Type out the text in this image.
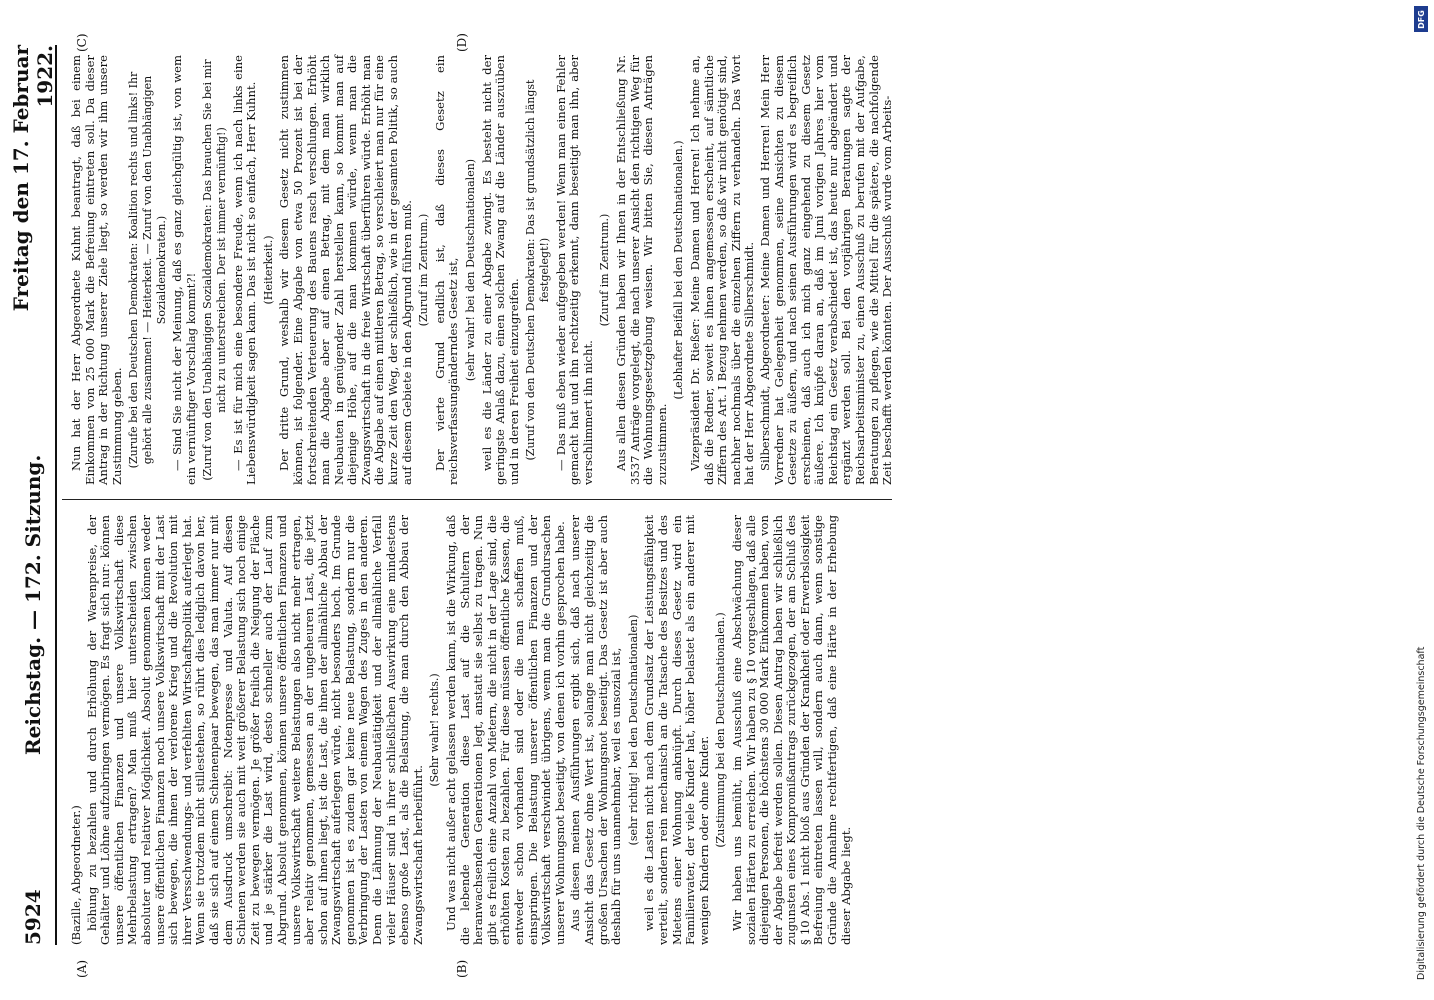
5924
Reichstag. — 172. Sitzung.
Freitag den 17. Februar 1922.
(A)	(B)
(C)	(D)

(Bazille, Abgeordneter.) höhung zu bezahlen und durch Erhöhung der Warenpreise, der Gehälter und Löhne aufzubringen vermögen. Es fragt sich nur: können unsere öffentlichen Finanzen und unsere Volkswirtschaft diese Mehrbelastung ertragen? Man muß hier unterscheiden zwischen absoluter und relativer Möglichkeit. Absolut genommen können weder unsere öffentlichen Finanzen noch unsere Volkswirtschaft mit der Last sich bewegen, die ihnen der verlorene Krieg und die Revolution mit ihrer Versschwendungs- und verfehlten Wirtschaftspolitik auferlegt hat. Wenn sie trotzdem nicht stillestehen, so rührt dies lediglich davon her, daß sie sich auf einem Schienenpaar bewegen, das man immer nur mit dem Ausdruck umschreibt: Notenpresse und Valuta. Auf diesen Schienen werden sie auch mit weit größerer Belastung sich noch einige Zeit zu bewegen vermögen. Je größer freilich die Neigung der Fläche und je stärker die Last wird, desto schneller auch der Lauf zum Abgrund. Absolut genommen, können unsere öffentlichen Finanzen und unsere Volkswirtschaft weitere Belastungen also nicht mehr ertragen, aber relativ genommen, gemessen an der ungeheuren Last, die jetzt schon auf ihnen liegt, ist die Last, die ihnen der allmähliche Abbau der Zwangswirtschaft auferlegen würde, nicht besonders hoch. Im Grunde genommen ist es zudem gar keine neue Belastung, sondern nur die Verbringung der Lasten von einem Wagen des Zuges in den anderen. Denn die Lähmung der Neubautätigkeit und der allmähliche Verfall vieler Häuser sind in ihrer schließlichen Auswirkung eine mindestens ebenso große Last, als die Belastung, die man durch den Abbau der Zwangswirtschaft herbeiführt.

(Sehr wahr! rechts.) Und was nicht außer acht gelassen werden kann, ist die Wirkung, daß die lebende Generation diese Last auf die Schultern der heranwachsenden Generationen legt, anstatt sie selbst zu tragen. Nun gibt es freilich eine Anzahl von Mietern, die nicht in der Lage sind, die erhöhten Kosten zu bezahlen. Für diese müssen öffentliche Kassen, die entweder schon vorhanden sind oder die man schaffen muß, einspringen. Die Belastung unserer öffentlichen Finanzen und der Volkswirtschaft verschwindet übrigens, wenn man die Grundursachen unserer Wohnungsnot beseitigt, von denen ich vorhin gesprochen habe. Aus diesen meinen Ausführungen ergibt sich, daß nach unserer Ansicht das Gesetz ohne Wert ist, solange man nicht gleichzeitig die großen Ursachen der Wohnungsnot beseitigt. Das Gesetz ist aber auch deshalb für uns unannehmbar, weil es unsozial ist, (sehr richtig! bei den Deutschnationalen) weil es die Lasten nicht nach dem Grundsatz der Leistungsfähigkeit verteilt, sondern rein mechanisch an die Tatsache des Besitzes und des Mietens einer Wohnung anknüpft. Durch dieses Gesetz wird ein Familienvater, der viele Kinder hat, höher belastet als ein anderer mit wenigen Kindern oder ohne Kinder. (Zustimmung bei den Deutschnationalen.) Wir haben uns bemüht, im Ausschuß eine Abschwächung dieser sozialen Härten zu erreichen. Wir haben zu § 10 vorgeschlagen, daß alle diejenigen Personen, die höchstens 30 000 Mark Einkommen haben, von der Abgabe befreit werden sollen. Diesen Antrag haben wir schließlich zugunsten eines Kompromißantrags zurückgezogen, der am Schluß des § 10 Abs. 1 nicht bloß aus Gründen der Krankheit oder Erwerbslosigkeit Befreiung eintreten lassen will, sondern auch dann, wenn sonstige Gründe die Annahme rechtfertigen, daß eine Härte in der Erhebung dieser Abgabe liegt.

Nun hat der Herr Abgeordnete Kuhnt beantragt, daß bei einem Einkommen von 25 000 Mark die Befreiung eintreten soll. Da dieser Antrag in der Richtung unserer Ziele liegt, so werden wir ihm unsere Zustimmung geben. (Zurufe bei den Deutschen Demokraten: Koalition rechts und links! Ihr gehört alle zusammen! — Heiterkeit. — Zuruf von den Unabhängigen Sozialdemokraten.) — Sind Sie nicht der Meinung, daß es ganz gleichgültig ist, von wem ein vernünftiger Vorschlag kommt?! (Zuruf von den Unabhängigen Sozialdemokraten: Das brauchen Sie bei mir nicht zu unterstreichen. Der ist immer vernünftig!) — Es ist für mich eine besondere Freude, wenn ich nach links eine Liebenswürdigkeit sagen kann. Das ist nicht so einfach, Herr Kuhnt. (Heiterkeit.) Der dritte Grund, weshalb wir diesem Gesetz nicht zustimmen können, ist folgender. Eine Abgabe von etwa 50 Prozent ist bei der fortschreitenden Verteuerung des Bauens rasch verschlungen. Erhöht man die Abgabe aber auf einen Betrag, mit dem man wirklich Neubauten in genügender Zahl herstellen kann, so kommt man auf diejenige Höhe, auf die man kommen würde, wenn man die Zwangswirtschaft in die freie Wirtschaft überführen würde. Erhöht man die Abgabe auf einen mittleren Betrag, so verschleiert man nur für eine kurze Zeit den Weg, der schließlich, wie in der gesamten Politik, so auch auf diesem Gebiete in den Abgrund führen muß. (Zuruf im Zentrum.) Der vierte Grund endlich ist, daß dieses Gesetz ein reichsverfassungänderndes Gesetz ist, (sehr wahr! bei den Deutschnationalen) weil es die Länder zu einer Abgabe zwingt. Es besteht nicht der geringste Anlaß dazu, einen solchen Zwang auf die Länder auszuüben und in deren Freiheit einzugreifen. (Zuruf von den Deutschen Demokraten: Das ist grundsätzlich längst festgelegt!) — Das muß eben wieder aufgegeben werden! Wenn man einen Fehler gemacht hat und ihn rechtzeitig erkennt, dann beseitigt man ihn, aber verschlimmert ihn nicht.

(Zuruf im Zentrum.) Aus allen diesen Gründen haben wir Ihnen in der Entschließung Nr. 3537 Anträge vorgelegt, die nach unserer Ansicht den richtigen Weg für die Wohnungsgesetzgebung weisen. Wir bitten Sie, diesen Anträgen zuzustimmen.

(Lebhafter Beifall bei den Deutschnationalen.) Vizepräsident Dr. Rießer: Meine Damen und Herren! Ich nehme an, daß die Redner, soweit es ihnen angemessen erscheint, auf sämtliche Ziffern des Art. I Bezug nehmen werden, so daß wir nicht genötigt sind, nachher nochmals über die einzelnen Ziffern zu verhandeln. Das Wort hat der Herr Abgeordnete Silberschmidt. Silberschmidt, Abgeordneter: Meine Damen und Herren! Mein Herr Vorredner hat Gelegenheit genommen, seine Ansichten zu diesem Gesetze zu äußern, und nach seinen Ausführungen wird es begreiflich erscheinen, daß auch ich mich ganz eingehend zu diesem Gesetz äußere. Ich knüpfe daran an, daß im Juni vorigen Jahres hier vom Reichstag ein Gesetz verabschiedet ist, das heute nur abgeändert und ergänzt werden soll. Bei den vorjährigen Beratungen sagte der Reichsarbeitsminister zu, einen Ausschuß zu berufen mit der Aufgabe, Beratungen zu pflegen, wie die Mittel für die spätere, die nachfolgende Zeit beschafft werden könnten. Der Ausschuß wurde vom Arbeits-

DFG
Digitalisierung gefördert durch die Deutsche Forschungsgemeinschaft
